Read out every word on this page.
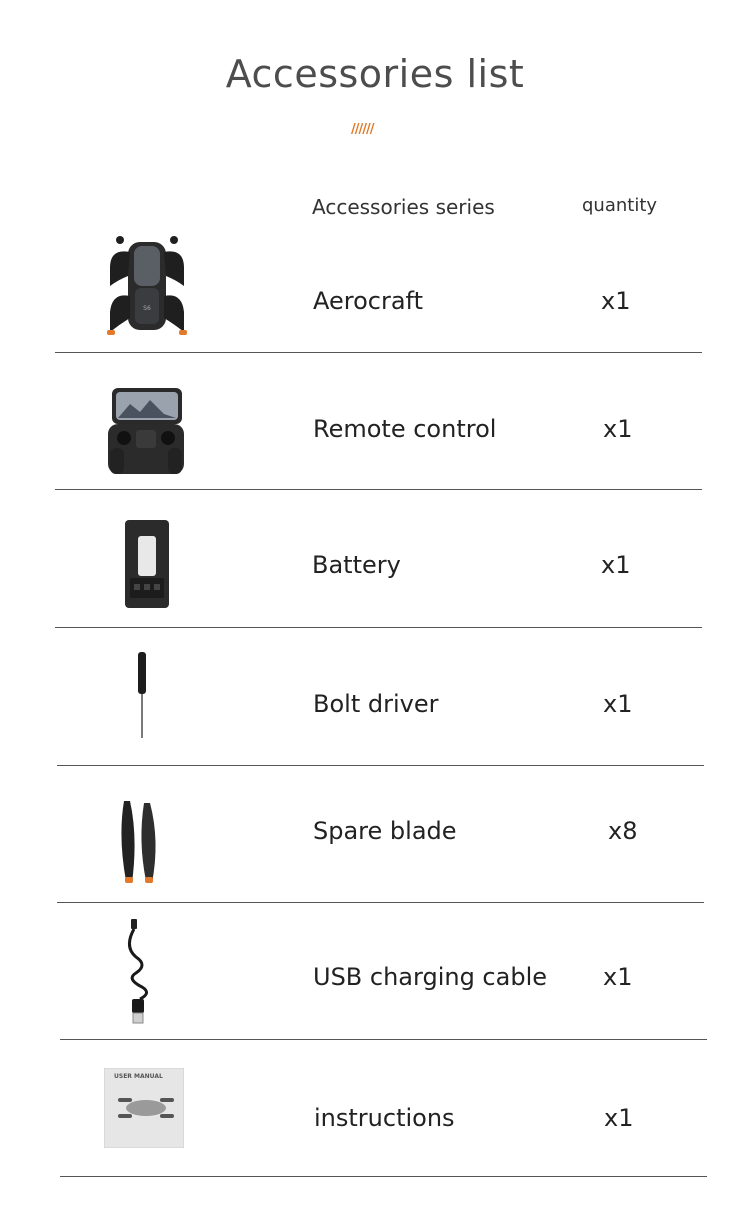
Accessories list
//////
Accessories series	quantity
S6	Aerocraft	x1
Remote control	x1
Battery	x1
Bolt driver	x1
Spare blade	x8
USB charging cable x1
USER MANUAL
instructions	x1
